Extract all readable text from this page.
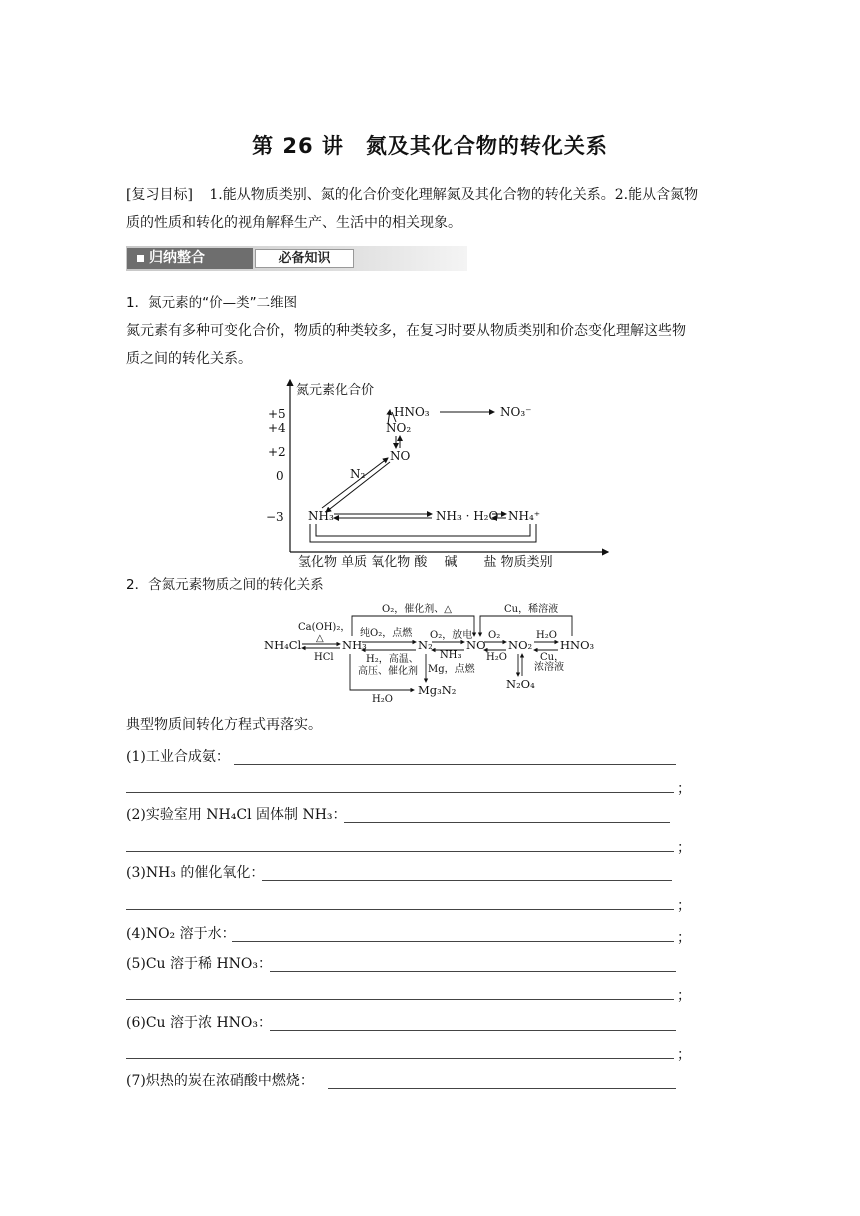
第 26 讲　氮及其化合物的转化关系
[复习目标] 1.能从物质类别、氮的化合价变化理解氮及其化合物的转化关系。2.能从含氮物
质的性质和转化的视角解释生产、生活中的相关现象。
归纳整合	必备知识
1．氮元素的“价—类”二维图
氮元素有多种可变化合价，物质的种类较多，在复习时要从物质类别和价态变化理解这些物
质之间的转化关系。
氮元素化合价
+5
+4
+2
0
−3
氢化物 单质 氧化物 酸　 碱　　盐 物质类别
HNO₃	NO₃⁻
NO₂
NO
N₂
NH₃	NH₃ · H₂O NH₄⁺
2．含氮元素物质之间的转化关系
Ca(OH)₂，
△
HCl
O₂，催化剂、△	Cu，稀溶液
纯O₂，点燃
H₂，高温、
高压、催化剂 Mg，点燃
O₂，放电
NH₃
O₂
H₂O
H₂O
Cu，
浓溶液
H₂O
NH₄Cl	NH₃	N₂	NO NO₂ HNO₃
Mg₃N₂	N₂O₄
典型物质间转化方程式再落实。
(1)工业合成氨：
；
(2)实验室用 NH₄Cl 固体制 NH₃：
；
(3)NH₃ 的催化氧化：
；
(4)NO₂ 溶于水：	；
(5)Cu 溶于稀 HNO₃：
；
(6)Cu 溶于浓 HNO₃：
；
(7)炽热的炭在浓硝酸中燃烧：
